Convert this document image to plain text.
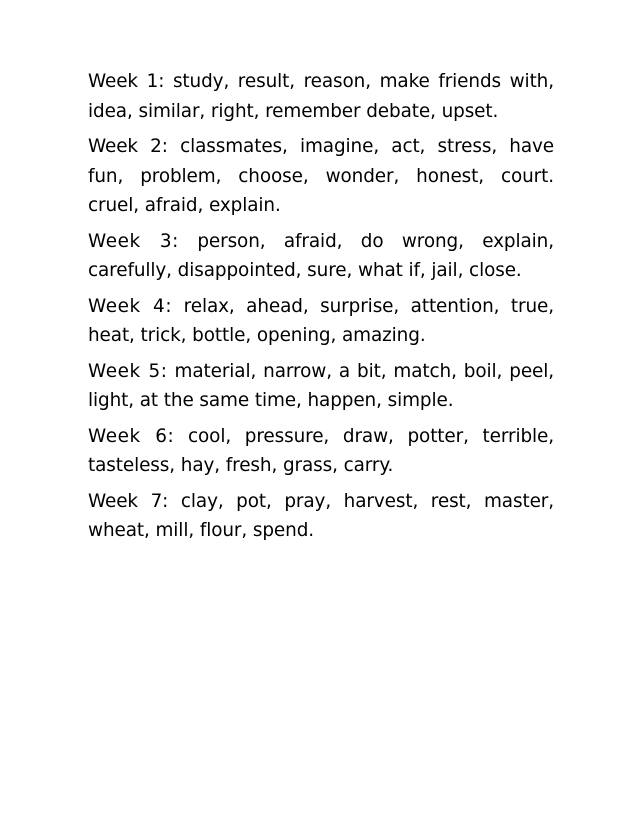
Week 1: study, result, reason, make friends with, idea, similar, right, remember debate, upset.

Week 2: classmates, imagine, act, stress, have fun, problem, choose, wonder, honest, court. cruel, afraid, explain.

Week 3: person, afraid, do wrong, explain, carefully, disappointed, sure, what if, jail, close.

Week 4: relax, ahead, surprise, attention, true, heat, trick, bottle, opening, amazing.

Week 5: material, narrow, a bit, match, boil, peel, light, at the same time, happen, simple.

Week 6: cool, pressure, draw, potter, terrible, tasteless, hay, fresh, grass, carry.

Week 7: clay, pot, pray, harvest, rest, master, wheat, mill, flour, spend.
